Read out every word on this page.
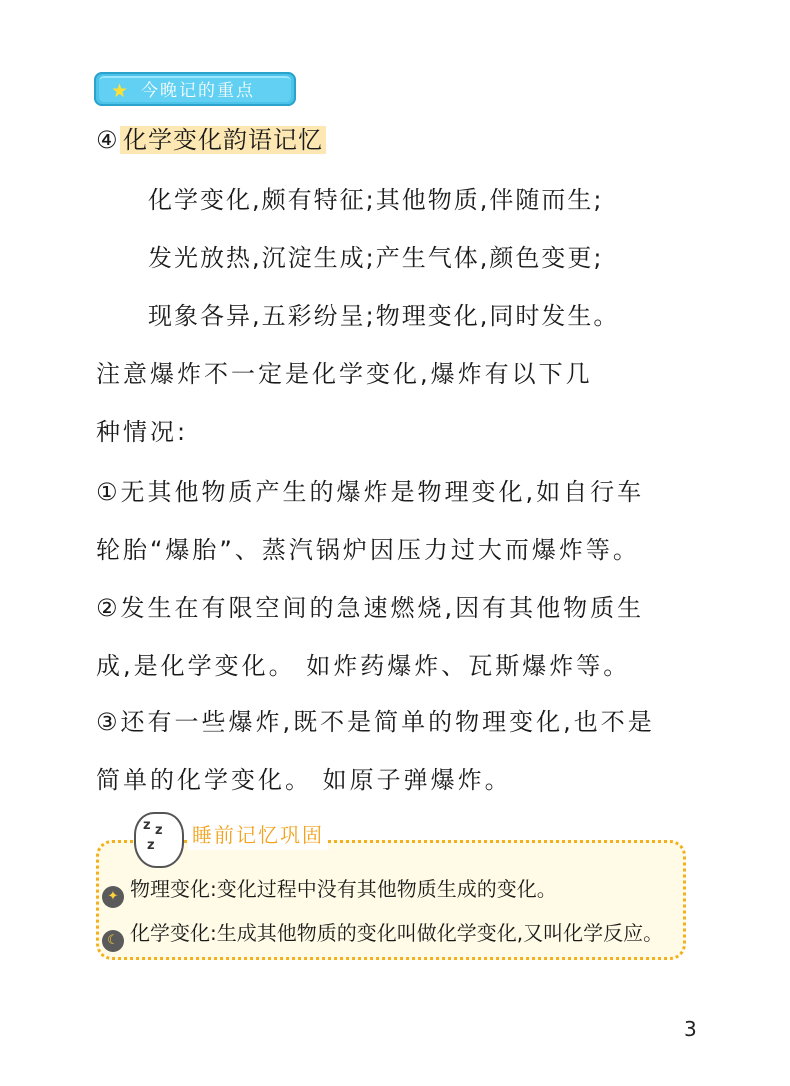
★ 今晚记的重点
④ 化学变化韵语记忆
化学变化,颇有特征;其他物质,伴随而生;
发光放热,沉淀生成;产生气体,颜色变更;
现象各异,五彩纷呈;物理变化,同时发生。
注意爆炸不一定是化学变化,爆炸有以下几
种情况:
①无其他物质产生的爆炸是物理变化,如自行车
轮胎“爆胎”、蒸汽锅炉因压力过大而爆炸等。
②发生在有限空间的急速燃烧,因有其他物质生
成,是化学变化。 如炸药爆炸、瓦斯爆炸等。
③还有一些爆炸,既不是简单的物理变化,也不是
简单的化学变化。 如原子弹爆炸。
z z
z 睡前记忆巩固
✦ 物理变化:变化过程中没有其他物质生成的变化。
☾ 化学变化:生成其他物质的变化叫做化学变化,又叫化学反应。
3
